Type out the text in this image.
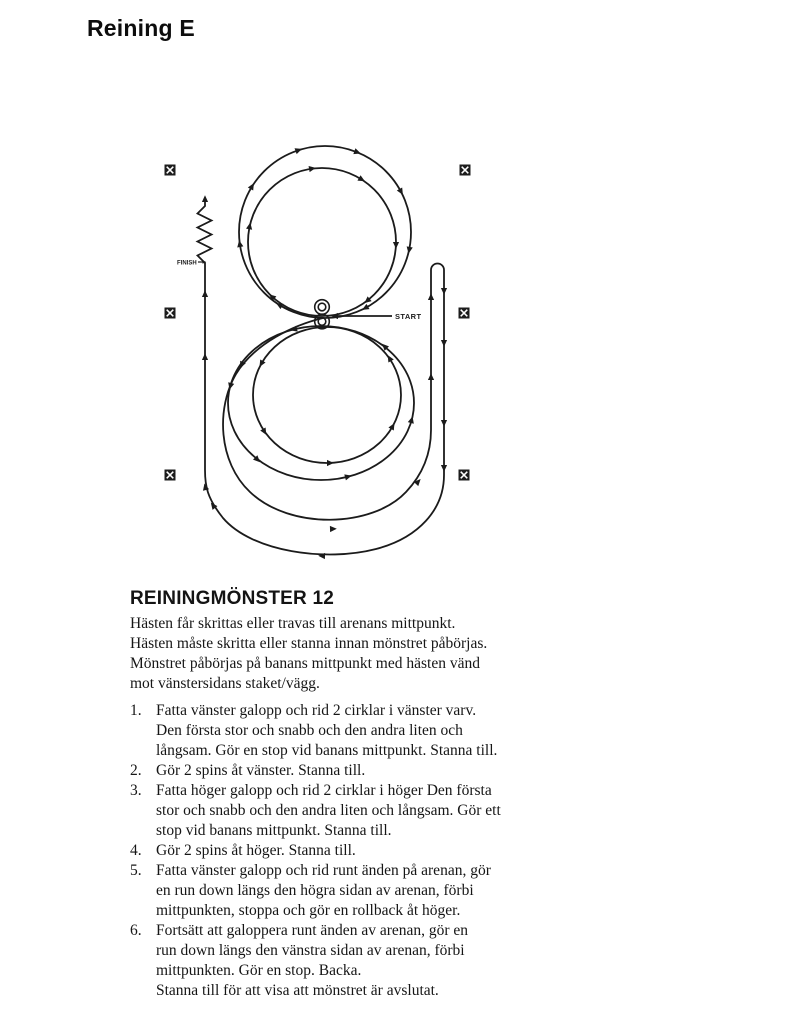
Reining E
START
FINISH
REININGMÖNSTER 12
Hästen får skrittas eller travas till arenans mittpunkt.
Hästen måste skritta eller stanna innan mönstret påbörjas.
Mönstret påbörjas på banans mittpunkt med hästen vänd
mot vänstersidans staket/vägg.
1. Fatta vänster galopp och rid 2 cirklar i vänster varv.
Den första stor och snabb och den andra liten och
långsam. Gör en stop vid banans mittpunkt. Stanna till.
2. Gör 2 spins åt vänster. Stanna till.
3. Fatta höger galopp och rid 2 cirklar i höger Den första
stor och snabb och den andra liten och långsam. Gör ett
stop vid banans mittpunkt. Stanna till.
4. Gör 2 spins åt höger. Stanna till.
5. Fatta vänster galopp och rid runt änden på arenan, gör
en run down längs den högra sidan av arenan, förbi
mittpunkten, stoppa och gör en rollback åt höger.
6. Fortsätt att galoppera runt änden av arenan, gör en
run down längs den vänstra sidan av arenan, förbi
mittpunkten. Gör en stop. Backa.
Stanna till för att visa att mönstret är avslutat.
